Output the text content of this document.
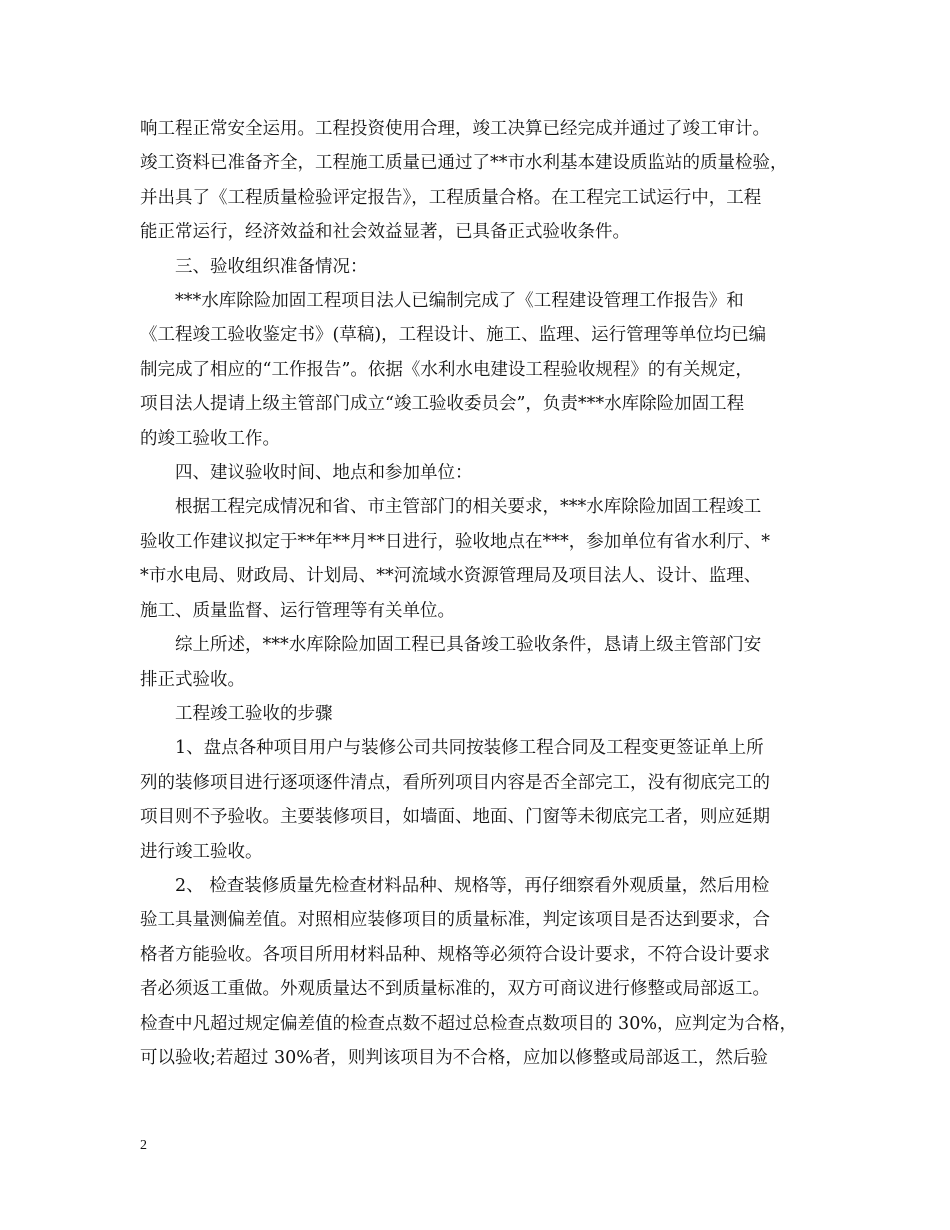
响工程正常安全运用。工程投资使用合理，竣工决算已经完成并通过了竣工审计。
竣工资料已准备齐全，工程施工质量已通过了**市水利基本建设质监站的质量检验，
并出具了《工程质量检验评定报告》，工程质量合格。在工程完工试运行中，工程
能正常运行，经济效益和社会效益显著，已具备正式验收条件。
三、验收组织准备情况：
***水库除险加固工程项目法人已编制完成了《工程建设管理工作报告》和
《工程竣工验收鉴定书》(草稿)，工程设计、施工、监理、运行管理等单位均已编
制完成了相应的“工作报告”。依据《水利水电建设工程验收规程》的有关规定，
项目法人提请上级主管部门成立“竣工验收委员会”，负责***水库除险加固工程
的竣工验收工作。
四、建议验收时间、地点和参加单位：
根据工程完成情况和省、市主管部门的相关要求，***水库除险加固工程竣工
验收工作建议拟定于**年**月**日进行，验收地点在***，参加单位有省水利厅、*
*市水电局、财政局、计划局、**河流域水资源管理局及项目法人、设计、监理、
施工、质量监督、运行管理等有关单位。
综上所述，***水库除险加固工程已具备竣工验收条件，恳请上级主管部门安
排正式验收。
工程竣工验收的步骤
1、盘点各种项目用户与装修公司共同按装修工程合同及工程变更签证单上所
列的装修项目进行逐项逐件清点，看所列项目内容是否全部完工，没有彻底完工的
项目则不予验收。主要装修项目，如墙面、地面、门窗等未彻底完工者，则应延期
进行竣工验收。
2、 检查装修质量先检查材料品种、规格等，再仔细察看外观质量，然后用检
验工具量测偏差值。对照相应装修项目的质量标准，判定该项目是否达到要求，合
格者方能验收。各项目所用材料品种、规格等必须符合设计要求，不符合设计要求
者必须返工重做。外观质量达不到质量标准的，双方可商议进行修整或局部返工。
检查中凡超过规定偏差值的检查点数不超过总检查点数项目的 30%，应判定为合格，
可以验收;若超过 30%者，则判该项目为不合格，应加以修整或局部返工，然后验
2
